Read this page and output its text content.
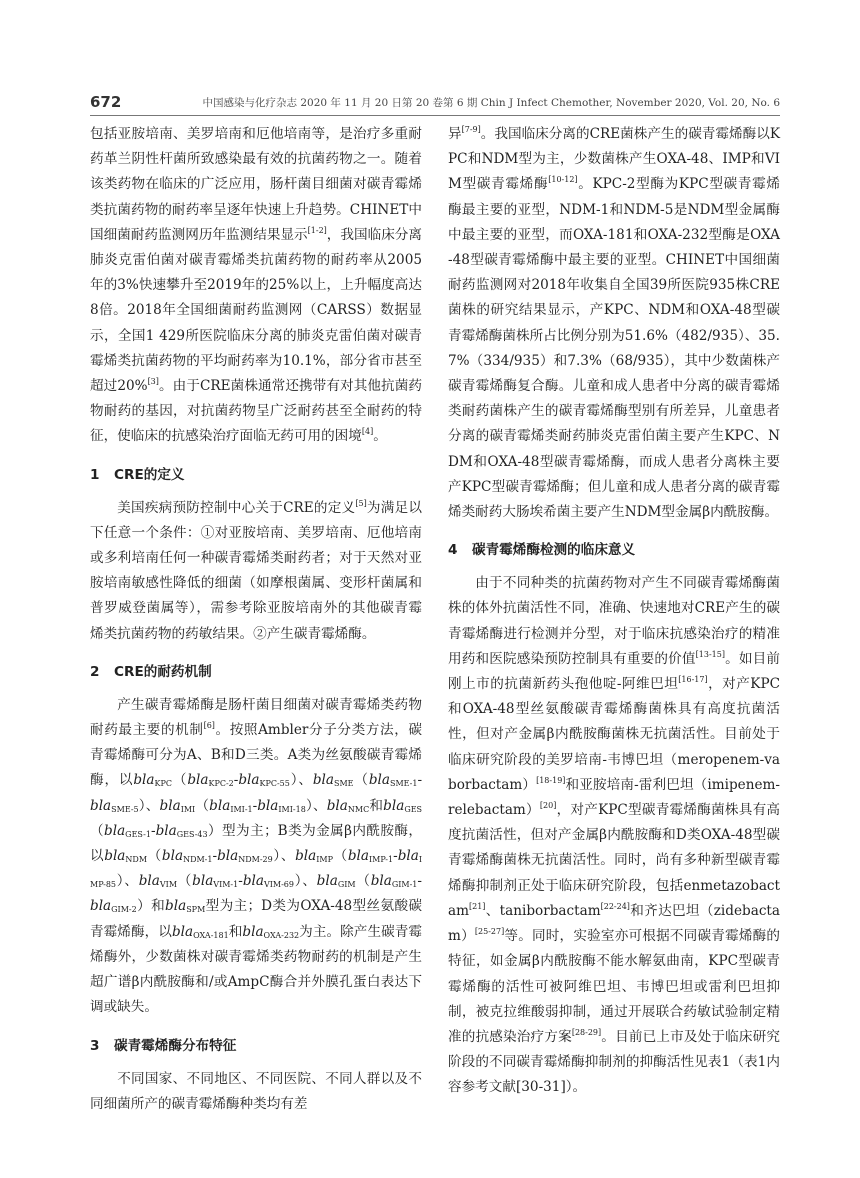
672	中国感染与化疗杂志 2020 年 11 月 20 日第 20 卷第 6 期 Chin J Infect Chemother, November 2020, Vol. 20, No. 6

包括亚胺培南、美罗培南和厄他培南等，是治疗多重耐药革兰阴性杆菌所致感染最有效的抗菌药物之一。随着该类药物在临床的广泛应用，肠杆菌目细菌对碳青霉烯类抗菌药物的耐药率呈逐年快速上升趋势。CHINET中国细菌耐药监测网历年监测结果显示[1-2]，我国临床分离肺炎克雷伯菌对碳青霉烯类抗菌药物的耐药率从2005年的3%快速攀升至2019年的25%以上，上升幅度高达8倍。2018年全国细菌耐药监测网（CARSS）数据显示，全国1 429所医院临床分离的肺炎克雷伯菌对碳青霉烯类抗菌药物的平均耐药率为10.1%，部分省市甚至超过20%[3]。由于CRE菌株通常还携带有对其他抗菌药物耐药的基因，对抗菌药物呈广泛耐药甚至全耐药的特征，使临床的抗感染治疗面临无药可用的困境[4]。

1 CRE的定义

美国疾病预防控制中心关于CRE的定义[5]为满足以下任意一个条件：①对亚胺培南、美罗培南、厄他培南或多利培南任何一种碳青霉烯类耐药者；对于天然对亚胺培南敏感性降低的细菌（如摩根菌属、变形杆菌属和普罗威登菌属等），需参考除亚胺培南外的其他碳青霉烯类抗菌药物的药敏结果。②产生碳青霉烯酶。

2 CRE的耐药机制

产生碳青霉烯酶是肠杆菌目细菌对碳青霉烯类药物耐药最主要的机制[6]。按照Ambler分子分类方法，碳青霉烯酶可分为A、B和D三类。A类为丝氨酸碳青霉烯酶，以bla$_{KPC}$（bla$_{KPC-2}$-bla$_{KPC-55}$）、bla$_{SME}$（bla$_{SME-1}$-bla$_{SME-5}$）、bla$_{IMI}$（bla$_{IMI-1}$-bla$_{IMI-18}$）、bla$_{NMC}$和bla$_{GES}$（bla$_{GES-1}$-bla$_{GES-43}$）型为主；B类为金属β内酰胺酶，以bla$_{NDM}$（bla$_{NDM-1}$-bla$_{NDM-29}$）、bla$_{IMP}$（bla$_{IMP-1}$-bla$_{IMP-85}$）、bla$_{VIM}$（bla$_{VIM-1}$-bla$_{VIM-69}$）、bla$_{GIM}$（bla$_{GIM-1}$-bla$_{GIM-2}$）和bla$_{SPM}$型为主；D类为OXA-48型丝氨酸碳青霉烯酶，以bla$_{OXA-181}$和bla$_{OXA-232}$为主。除产生碳青霉烯酶外，少数菌株对碳青霉烯类药物耐药的机制是产生超广谱β内酰胺酶和/或AmpC酶合并外膜孔蛋白表达下调或缺失。

3 碳青霉烯酶分布特征

不同国家、不同地区、不同医院、不同人群以及不同细菌所产的碳青霉烯酶种类均有差

异[7-9]。我国临床分离的CRE菌株产生的碳青霉烯酶以KPC和NDM型为主，少数菌株产生OXA-48、IMP和VIM型碳青霉烯酶[10-12]。KPC-2型酶为KPC型碳青霉烯酶最主要的亚型，NDM-1和NDM-5是NDM型金属酶中最主要的亚型，而OXA-181和OXA-232型酶是OXA-48型碳青霉烯酶中最主要的亚型。CHINET中国细菌耐药监测网对2018年收集自全国39所医院935株CRE菌株的研究结果显示，产KPC、NDM和OXA-48型碳青霉烯酶菌株所占比例分别为51.6%（482/935）、35.7%（334/935）和7.3%（68/935），其中少数菌株产碳青霉烯酶复合酶。儿童和成人患者中分离的碳青霉烯类耐药菌株产生的碳青霉烯酶型别有所差异，儿童患者分离的碳青霉烯类耐药肺炎克雷伯菌主要产生KPC、NDM和OXA-48型碳青霉烯酶，而成人患者分离株主要产KPC型碳青霉烯酶；但儿童和成人患者分离的碳青霉烯类耐药大肠埃希菌主要产生NDM型金属β内酰胺酶。

4 碳青霉烯酶检测的临床意义

由于不同种类的抗菌药物对产生不同碳青霉烯酶菌株的体外抗菌活性不同，准确、快速地对CRE产生的碳青霉烯酶进行检测并分型，对于临床抗感染治疗的精准用药和医院感染预防控制具有重要的价值[13-15]。如目前刚上市的抗菌新药头孢他啶-阿维巴坦[16-17]，对产KPC和OXA-48型丝氨酸碳青霉烯酶菌株具有高度抗菌活性，但对产金属β内酰胺酶菌株无抗菌活性。目前处于临床研究阶段的美罗培南-韦博巴坦（meropenem-vaborbactam）[18-19]和亚胺培南-雷利巴坦（imipenem-relebactam）[20]，对产KPC型碳青霉烯酶菌株具有高度抗菌活性，但对产金属β内酰胺酶和D类OXA-48型碳青霉烯酶菌株无抗菌活性。同时，尚有多种新型碳青霉烯酶抑制剂正处于临床研究阶段，包括enmetazobactam[21]、taniborbactam[22-24]和齐达巴坦（zidebactam）[25-27]等。同时，实验室亦可根据不同碳青霉烯酶的特征，如金属β内酰胺酶不能水解氨曲南，KPC型碳青霉烯酶的活性可被阿维巴坦、韦博巴坦或雷利巴坦抑制，被克拉维酸弱抑制，通过开展联合药敏试验制定精准的抗感染治疗方案[28-29]。目前已上市及处于临床研究阶段的不同碳青霉烯酶抑制剂的抑酶活性见表1（表1内容参考文献[30-31]）。
